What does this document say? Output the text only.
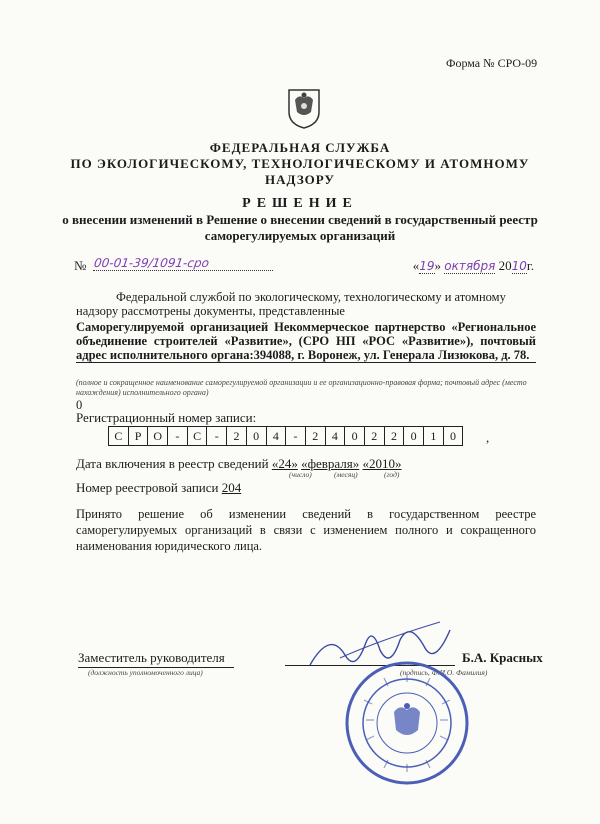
Форма № СРО-09
ФЕДЕРАЛЬНАЯ СЛУЖБА
ПО ЭКОЛОГИЧЕСКОМУ, ТЕХНОЛОГИЧЕСКОМУ И АТОМНОМУ
НАДЗОРУ
РЕШЕНИЕ
о внесении изменений в Решение о внесении сведений в государственный реестр саморегулируемых организаций
№ 00-01-39/1091-сро	«19» октября 2010г.
Федеральной службой по экологическому, технологическому и атомному надзору рассмотрены документы, представленные
Саморегулируемой организацией Некоммерческое партнерство «Региональное объединение строителей «Развитие», (СРО НП «РОС «Развитие»), почтовый адрес исполнительного органа:394088, г. Воронеж, ул. Генерала Лизюкова, д. 78.
(полное и сокращенное наименование саморегулируемой организации и ее организационно-правовая форма; почтовый адрес (место нахождения) исполнительного органа)
0
Регистрационный номер записи:
С	Р	О	-	С	-	2	0	4	-	2	4	0	2	2	0	1	0	,
Дата включения в реестр сведений «24» «февраля» «2010»
(число)	(месяц)	(год)
Номер реестровой записи 204
Принято решение об изменении сведений в государственном реестре саморегулируемых организаций в связи с изменением полного и сокращенного наименования юридического лица.
Заместитель руководителя
(должность уполномоченного лица)
Б.А. Красных
(подпись, Ф.И.О. Фамилия)
